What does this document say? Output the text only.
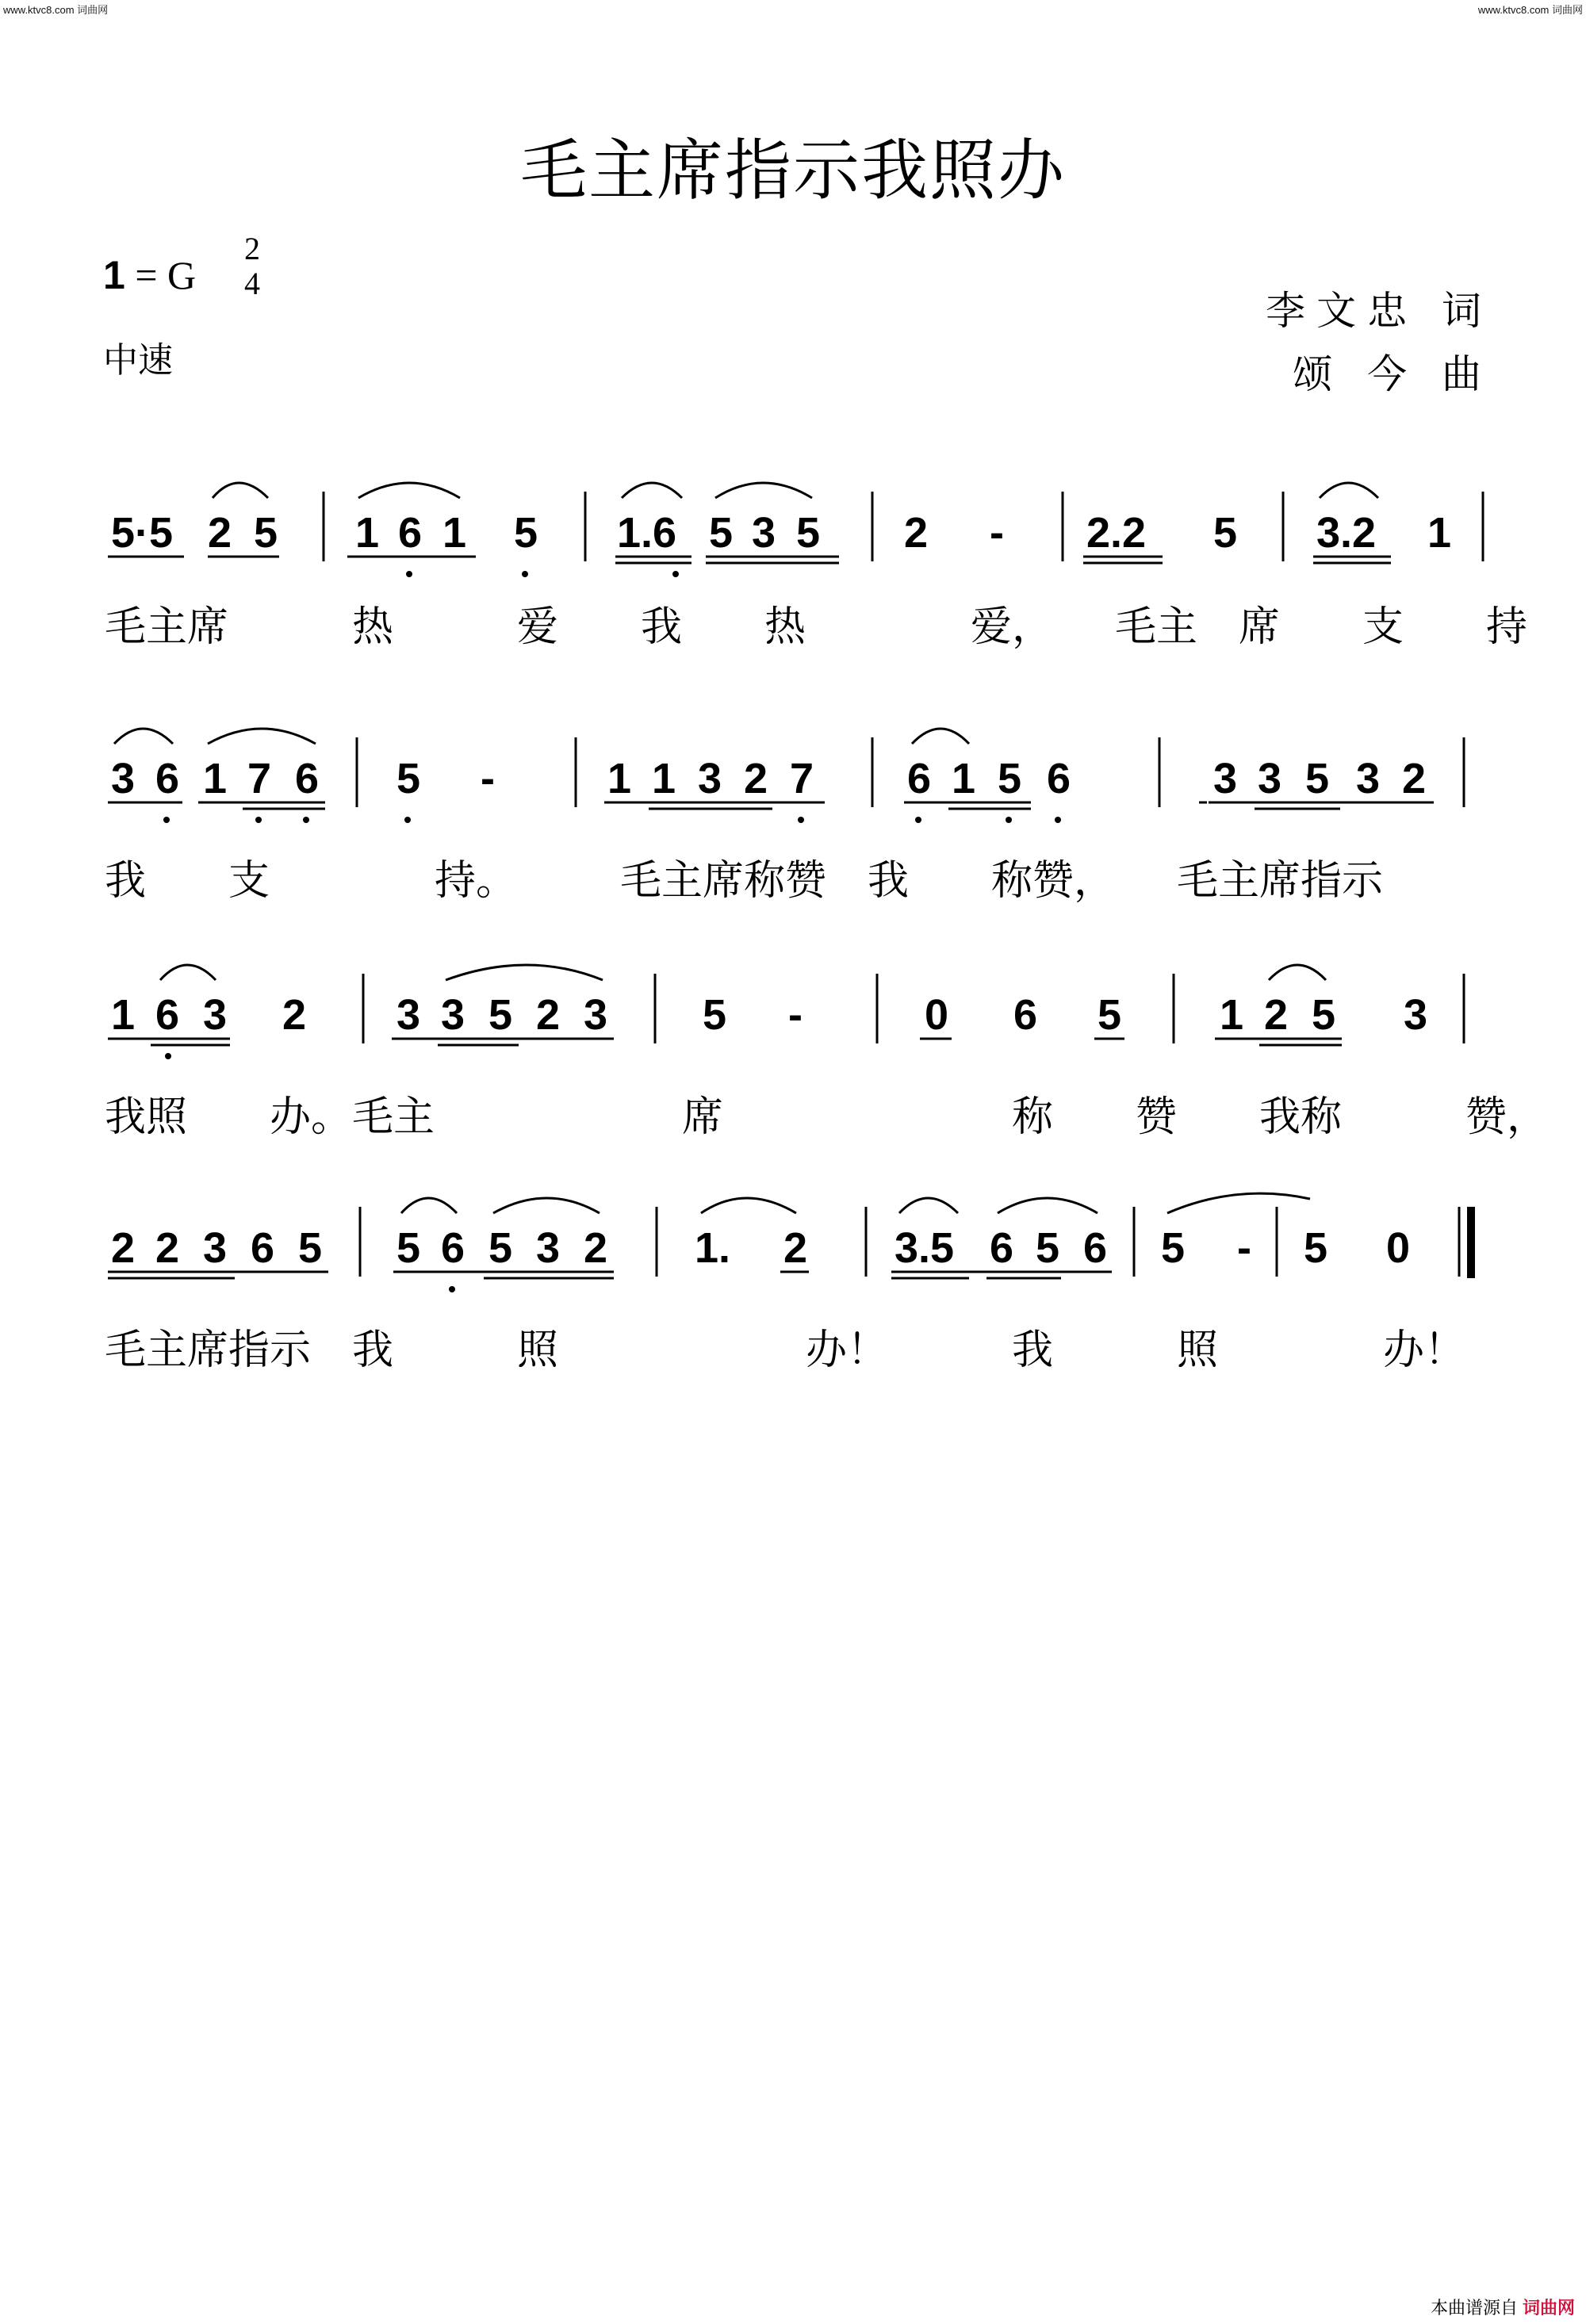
www.ktvc8.com 词曲网	www.ktvc8.com 词曲网
毛主席指示我照办
1 = G
2
4
中速
李文忠 词
颂 今 曲
5·5 2 5 1 6 1 5 1.6 5 3 5 2 - 2.2 5 3.2 1
毛主席　　　热　　　爱　　我　　热　　　　爱，　　毛主　席　　支　　持
3 6 1 7 6 5 -	1 1 3 2 7 6 1 5 6	3 3 5 3 2
我　　支　　　　持。　　　毛主席称赞　我　　称赞，　　毛主席指示
1 6 3 2 3 3 5 2 3 5 -	0 6 5 1 2 5 3
我照　　办。毛主　　　　　　席　　　　　　　称　　赞　　我称　　　赞，
2 2 3 6 5 5 6 5 3 2 1. 2 3.5 6 5 6 5 - 5 0
毛主席指示　我　　　照　　　　　　办！　　　我　　　照　　　　办！
本曲谱源自 词曲网
